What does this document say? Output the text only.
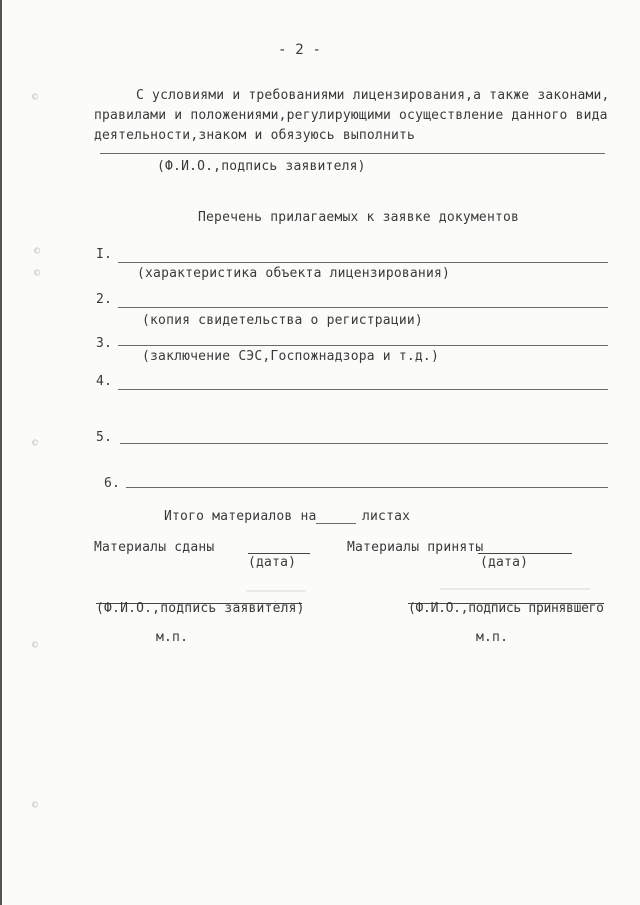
- 2 -
С условиями и требованиями лицензирования,а также законами,
правилами и положениями,регулирующими осуществление данного вида
деятельности,знаком и обязуюсь выполнить
(Ф.И.О.,подпись заявителя)
Перечень прилагаемых к заявке документов
I.
(характеристика объекта лицензирования)
2.
(копия свидетельства о регистрации)
3.
(заключение СЭС,Госпожнадзора и т.д.)
4.
5.
6.
Итого материалов на	листах
Материалы сданы
(дата)
Материалы приняты
(дата)
(Ф.И.О.,подпись заявителя)	(Ф.И.О.,подпись принявшего
м.п.	м.п.
©
©
©
©
©
©
